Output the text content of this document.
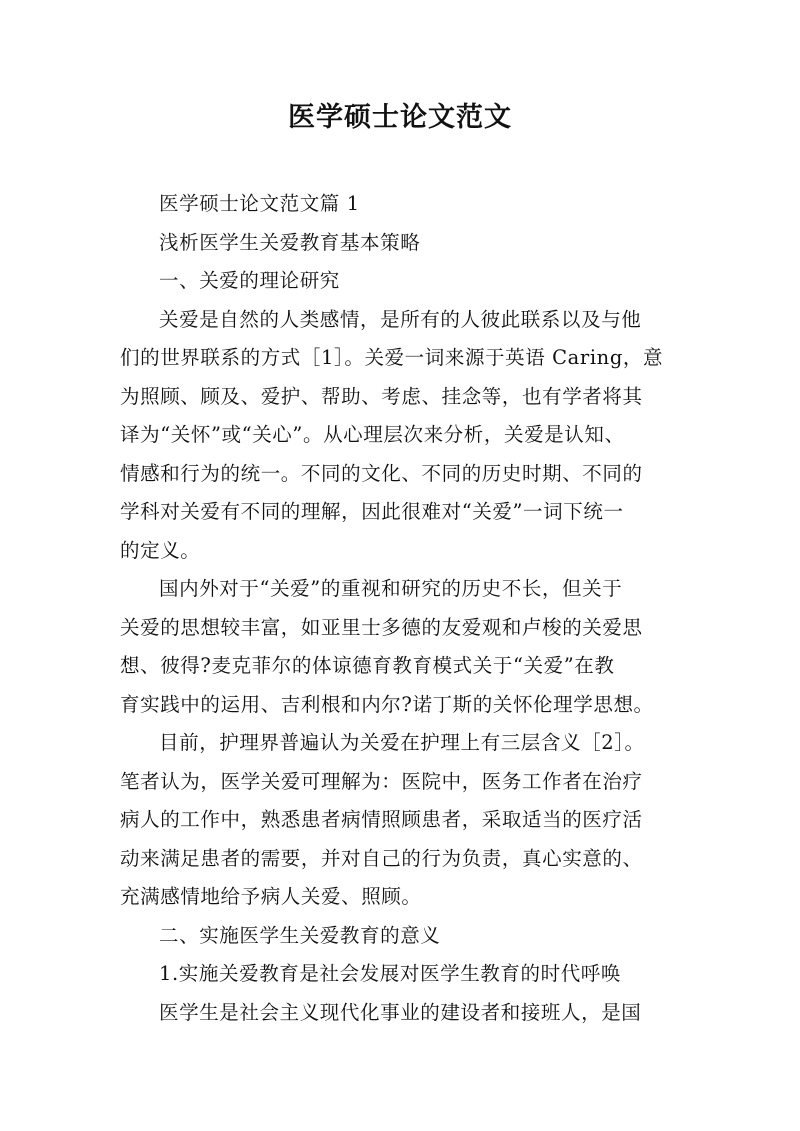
医学硕士论文范文
医学硕士论文范文篇 1
浅析医学生关爱教育基本策略
一、关爱的理论研究
关爱是自然的人类感情，是所有的人彼此联系以及与他
们的世界联系的方式［1］。关爱一词来源于英语 Caring，意
为照顾、顾及、爱护、帮助、考虑、挂念等，也有学者将其
译为“关怀”或“关心”。从心理层次来分析，关爱是认知、
情感和行为的统一。不同的文化、不同的历史时期、不同的
学科对关爱有不同的理解，因此很难对“关爱”一词下统一
的定义。
国内外对于“关爱”的重视和研究的历史不长，但关于
关爱的思想较丰富，如亚里士多德的友爱观和卢梭的关爱思
想、彼得?麦克菲尔的体谅德育教育模式关于“关爱”在教
育实践中的运用、吉利根和内尔?诺丁斯的关怀伦理学思想。
目前，护理界普遍认为关爱在护理上有三层含义［2］。
笔者认为，医学关爱可理解为：医院中，医务工作者在治疗
病人的工作中，熟悉患者病情照顾患者，采取适当的医疗活
动来满足患者的需要，并对自己的行为负责，真心实意的、
充满感情地给予病人关爱、照顾。
二、实施医学生关爱教育的意义
1.实施关爱教育是社会发展对医学生教育的时代呼唤
医学生是社会主义现代化事业的建设者和接班人，是国
